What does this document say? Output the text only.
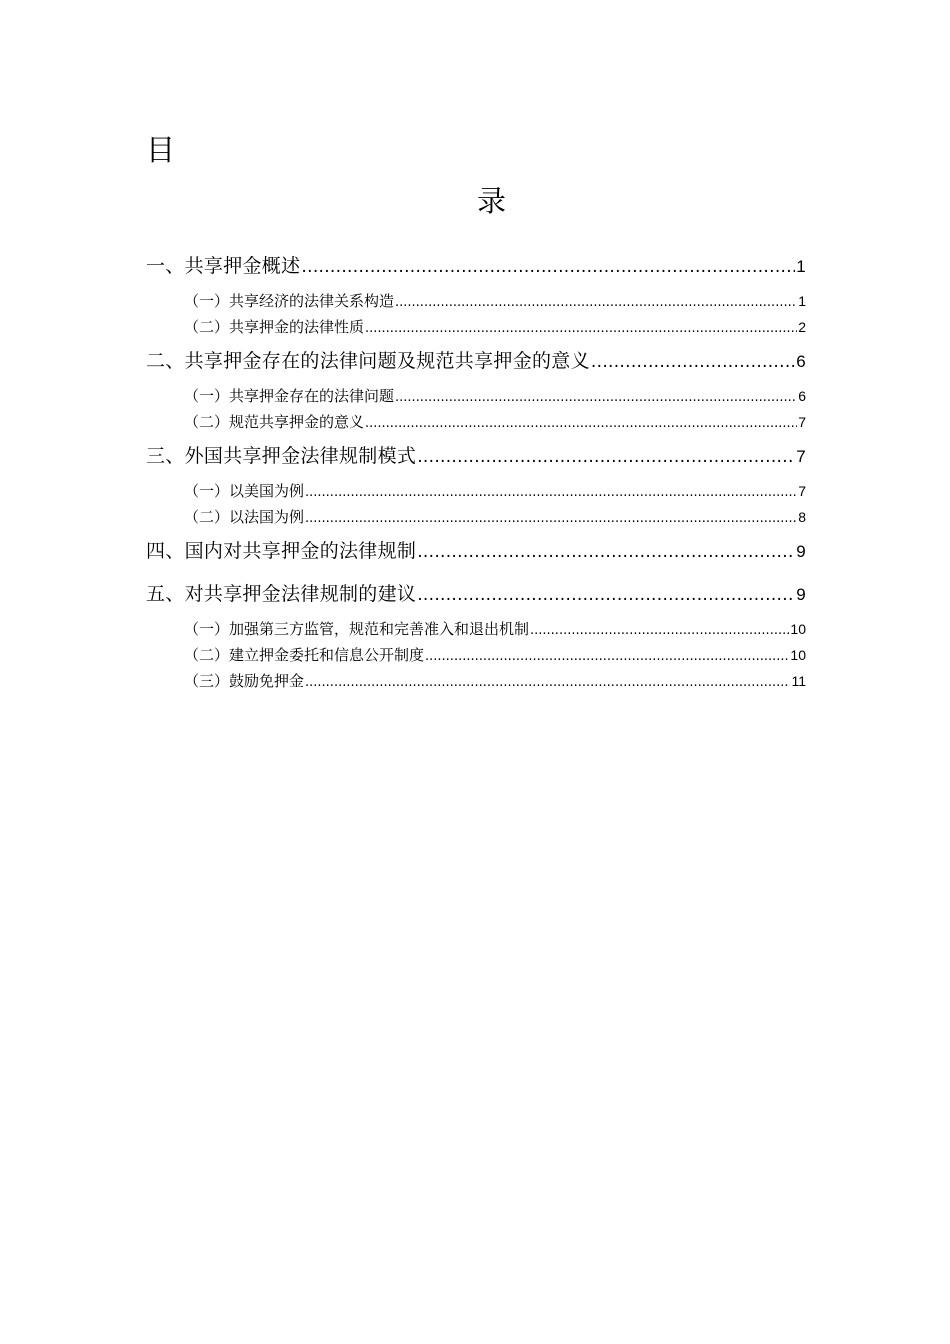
目
录
一、共享押金概述 .....	1
（一）共享经济的法律关系构造 .....	1
（二）共享押金的法律性质 .....	2
二、共享押金存在的法律问题及规范共享押金的意义 .....	6
（一）共享押金存在的法律问题 .....	6
（二）规范共享押金的意义 .....	7
三、外国共享押金法律规制模式 .....	7
（一）以美国为例 .....	7
（二）以法国为例 .....	8
四、国内对共享押金的法律规制 .....	9
五、对共享押金法律规制的建议 .....	9
（一）加强第三方监管，规范和完善准入和退出机制 .....	10
（二）建立押金委托和信息公开制度 .....	10
（三）鼓励免押金 .....	11
